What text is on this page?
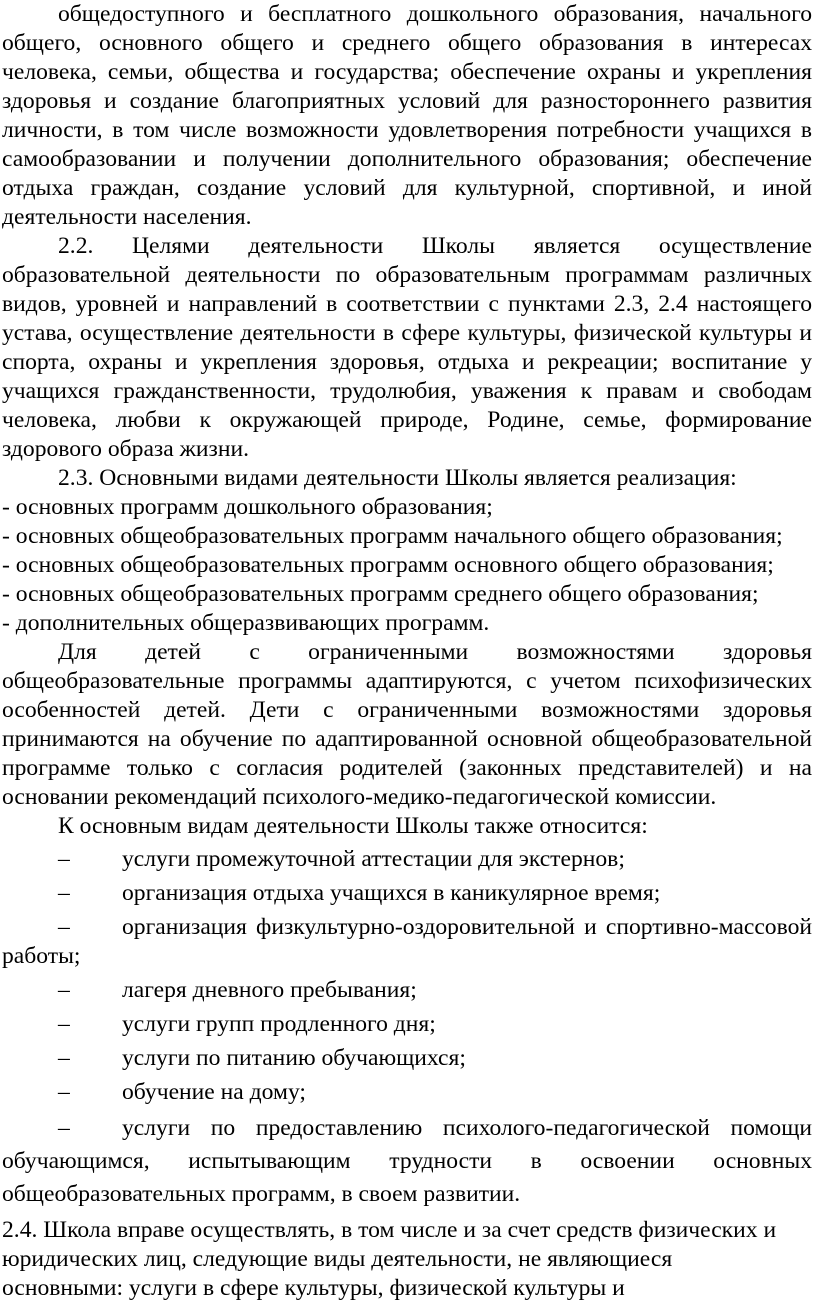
общедоступного и бесплатного дошкольного образования, начального общего, основного общего и среднего общего образования в интересах человека, семьи, общества и государства; обеспечение охраны и укрепления здоровья и создание благоприятных условий для разностороннего развития личности, в том числе возможности удовлетворения потребности учащихся в самообразовании и получении дополнительного образования; обеспечение отдыха граждан, создание условий для культурной, спортивной, и иной деятельности населения.

2.2. Целями деятельности Школы является осуществление образовательной деятельности по образовательным программам различных видов, уровней и направлений в соответствии с пунктами 2.3, 2.4 настоящего устава, осуществление деятельности в сфере культуры, физической культуры и спорта, охраны и укрепления здоровья, отдыха и рекреации; воспитание у учащихся гражданственности, трудолюбия, уважения к правам и свободам человека, любви к окружающей природе, Родине, семье, формирование здорового образа жизни.

2.3. Основными видами деятельности Школы является реализация:

- основных программ дошкольного образования;

- основных общеобразовательных программ начального общего образования;

- основных общеобразовательных программ основного общего образования;

- основных общеобразовательных программ среднего общего образования;

- дополнительных общеразвивающих программ.

Для детей с ограниченными возможностями здоровья общеобразовательные программы адаптируются, с учетом психофизических особенностей детей. Дети с ограниченными возможностями здоровья принимаются на обучение по адаптированной основной общеобразовательной программе только с согласия родителей (законных представителей) и на основании рекомендаций психолого-медико-педагогической комиссии.

К основным видам деятельности Школы также относится:

– услуги промежуточной аттестации для экстернов;

– организация отдыха учащихся в каникулярное время;

– организация физкультурно-оздоровительной и спортивно-массовой работы;

– лагеря дневного пребывания;

– услуги групп продленного дня;

– услуги по питанию обучающихся;

– обучение на дому;

– услуги по предоставлению психолого-педагогической помощи обучающимся, испытывающим трудности в освоении основных общеобразовательных программ, в своем развитии.

2.4. Школа вправе осуществлять, в том числе и за счет средств физических и
юридических лиц, следующие виды деятельности, не являющиеся
основными: услуги в сфере культуры, физической культуры и
